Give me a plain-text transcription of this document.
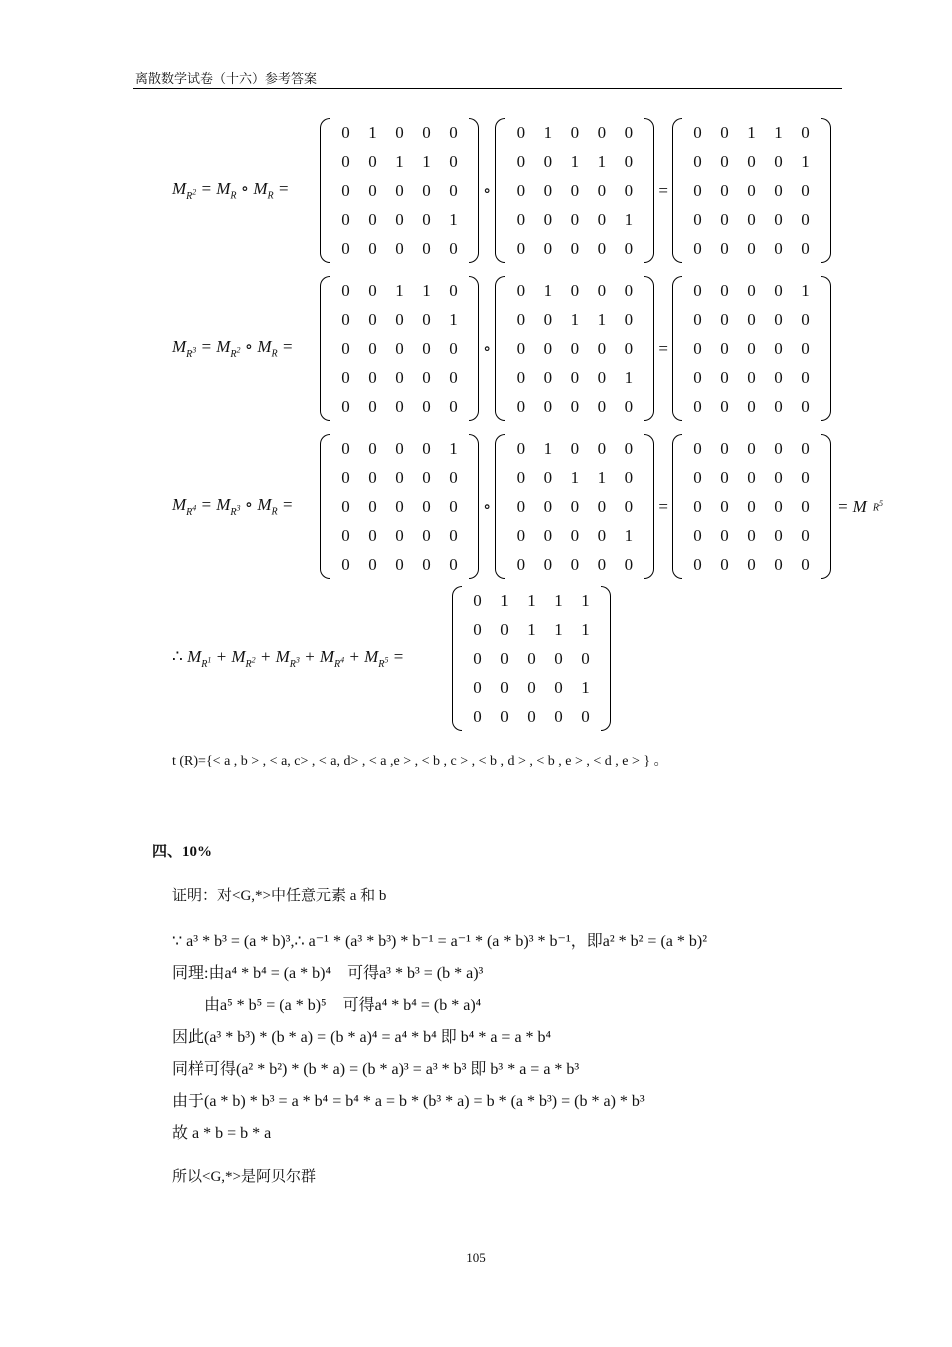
离散数学试卷（十六）参考答案
$M_{R^2} = M_R$ ∘ $M_R$ =
0	1	0	0	0
0	0	1	1	0
0	0	0	0	0
0	0	0	0	1
0	0	0	0	0
∘
0	1	0	0	0
0	0	1	1	0
0	0	0	0	0
0	0	0	0	1
0	0	0	0	0
=
0	0	1	1	0
0	0	0	0	1
0	0	0	0	0
0	0	0	0	0
0	0	0	0	0
$M_{R^3} = M_{R^2}$ ∘ $M_R$ =
0	0	1	1	0
0	0	0	0	1
0	0	0	0	0
0	0	0	0	0
0	0	0	0	0
∘
0	1	0	0	0
0	0	1	1	0
0	0	0	0	0
0	0	0	0	1
0	0	0	0	0
=
0	0	0	0	1
0	0	0	0	0
0	0	0	0	0
0	0	0	0	0
0	0	0	0	0
$M_{R^4} = M_{R^3}$ ∘ $M_R$ =
0	0	0	0	1
0	0	0	0	0
0	0	0	0	0
0	0	0	0	0
0	0	0	0	0
∘
0	1	0	0	0
0	0	1	1	0
0	0	0	0	0
0	0	0	0	1
0	0	0	0	0
=
0	0	0	0	0
0	0	0	0	0
0	0	0	0	0
0	0	0	0	0
0	0	0	0	0
= M $R^5$
∴ $M_{R^1} + M_{R^2} + M_{R^3} + M_{R^4} + M_{R^5}$ =
0	1	1	1	1
0	0	1	1	1
0	0	0	0	0
0	0	0	0	1
0	0	0	0	0
t (R)={< a , b > , < a, c> , < a, d> , < a ,e > , < b , c > , < b , d > , < b , e > , < d , e > } 。
四、10%
证明：对<G,*>中任意元素 a 和 b
∵ a³ * b³ = (a * b)³,∴ a⁻¹ * (a³ * b³) * b⁻¹ = a⁻¹ * (a * b)³ * b⁻¹，即a² * b² = (a * b)²
同理:由a⁴ * b⁴ = (a * b)⁴　可得a³ * b³ = (b * a)³
　　由a⁵ * b⁵ = (a * b)⁵　可得a⁴ * b⁴ = (b * a)⁴
因此(a³ * b³) * (b * a) = (b * a)⁴ = a⁴ * b⁴ 即 b⁴ * a = a * b⁴
同样可得(a² * b²) * (b * a) = (b * a)³ = a³ * b³ 即 b³ * a = a * b³
由于(a * b) * b³ = a * b⁴ = b⁴ * a = b * (b³ * a) = b * (a * b³) = (b * a) * b³
故 a * b = b * a
所以<G,*>是阿贝尔群
105
